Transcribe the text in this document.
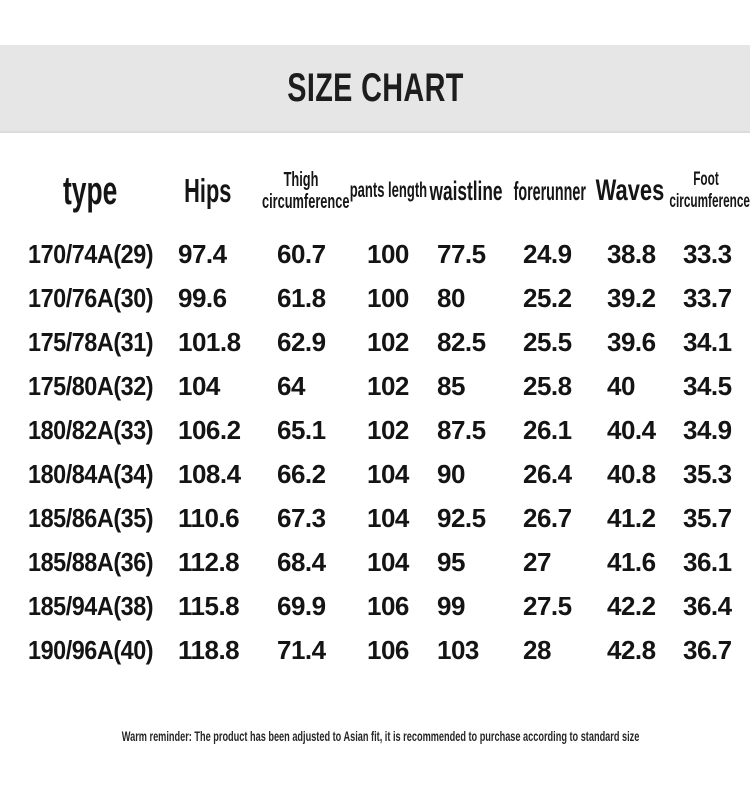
SIZE CHART
type Hips	Thigh circumference pants length waistline forerunner Waves	Foot circumference
170/74A(29) 97.4 60.7 100 77.5 24.9 38.8 33.3
170/76A(30) 99.6 61.8 100 80 25.2 39.2 33.7
175/78A(31) 101.8 62.9 102 82.5 25.5 39.6 34.1
175/80A(32) 104 64 102 85 25.8 40 34.5
180/82A(33) 106.2 65.1 102 87.5 26.1 40.4 34.9
180/84A(34) 108.4 66.2 104 90 26.4 40.8 35.3
185/86A(35) 110.6 67.3 104 92.5 26.7 41.2 35.7
185/88A(36) 112.8 68.4 104 95 27 41.6 36.1
185/94A(38) 115.8 69.9 106 99 27.5 42.2 36.4
190/96A(40) 118.8 71.4 106 103 28 42.8 36.7
Warm reminder: The product has been adjusted to Asian fit, it is recommended to purchase according to standard size
